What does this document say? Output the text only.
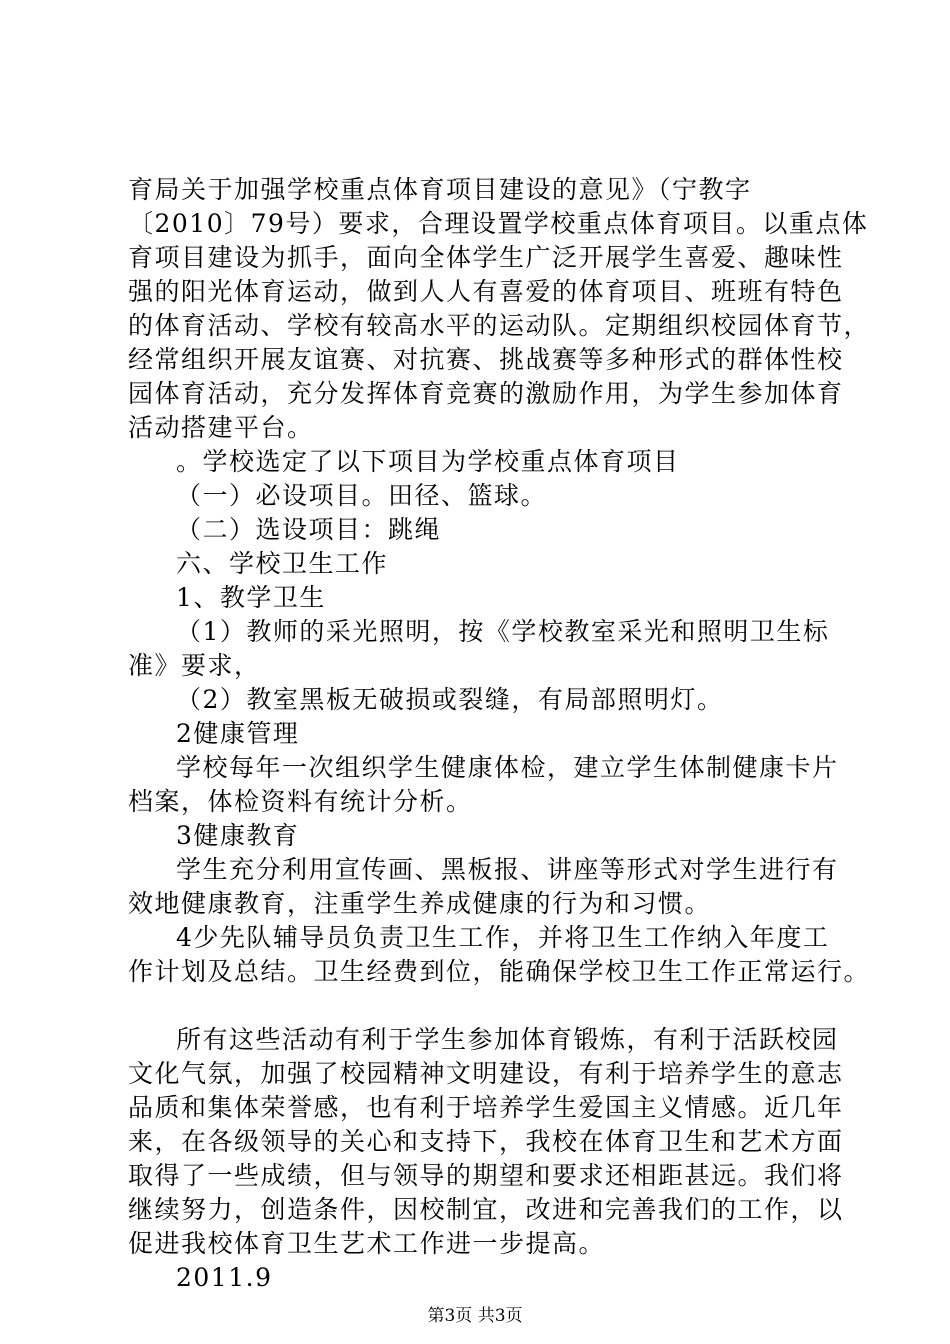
育局关于加强学校重点体育项目建设的意见》（宁教字
〔2010〕79号）要求，合理设置学校重点体育项目。以重点体
育项目建设为抓手，面向全体学生广泛开展学生喜爱、趣味性
强的阳光体育运动，做到人人有喜爱的体育项目、班班有特色
的体育活动、学校有较高水平的运动队。定期组织校园体育节，
经常组织开展友谊赛、对抗赛、挑战赛等多种形式的群体性校
园体育活动，充分发挥体育竞赛的激励作用，为学生参加体育
活动搭建平台。
。学校选定了以下项目为学校重点体育项目
（一）必设项目。田径、篮球。
（二）选设项目：跳绳
六、学校卫生工作
1、教学卫生
（1）教师的采光照明，按《学校教室采光和照明卫生标
准》要求，
（2）教室黑板无破损或裂缝，有局部照明灯。
2健康管理
学校每年一次组织学生健康体检，建立学生体制健康卡片
档案，体检资料有统计分析。
3健康教育
学生充分利用宣传画、黑板报、讲座等形式对学生进行有
效地健康教育，注重学生养成健康的行为和习惯。
4少先队辅导员负责卫生工作，并将卫生工作纳入年度工
作计划及总结。卫生经费到位，能确保学校卫生工作正常运行。
所有这些活动有利于学生参加体育锻炼，有利于活跃校园
文化气氛，加强了校园精神文明建设，有利于培养学生的意志
品质和集体荣誉感，也有利于培养学生爱国主义情感。近几年
来，在各级领导的关心和支持下，我校在体育卫生和艺术方面
取得了一些成绩，但与领导的期望和要求还相距甚远。我们将
继续努力，创造条件，因校制宜，改进和完善我们的工作，以
促进我校体育卫生艺术工作进一步提高。
2011.9
第3页 共3页
